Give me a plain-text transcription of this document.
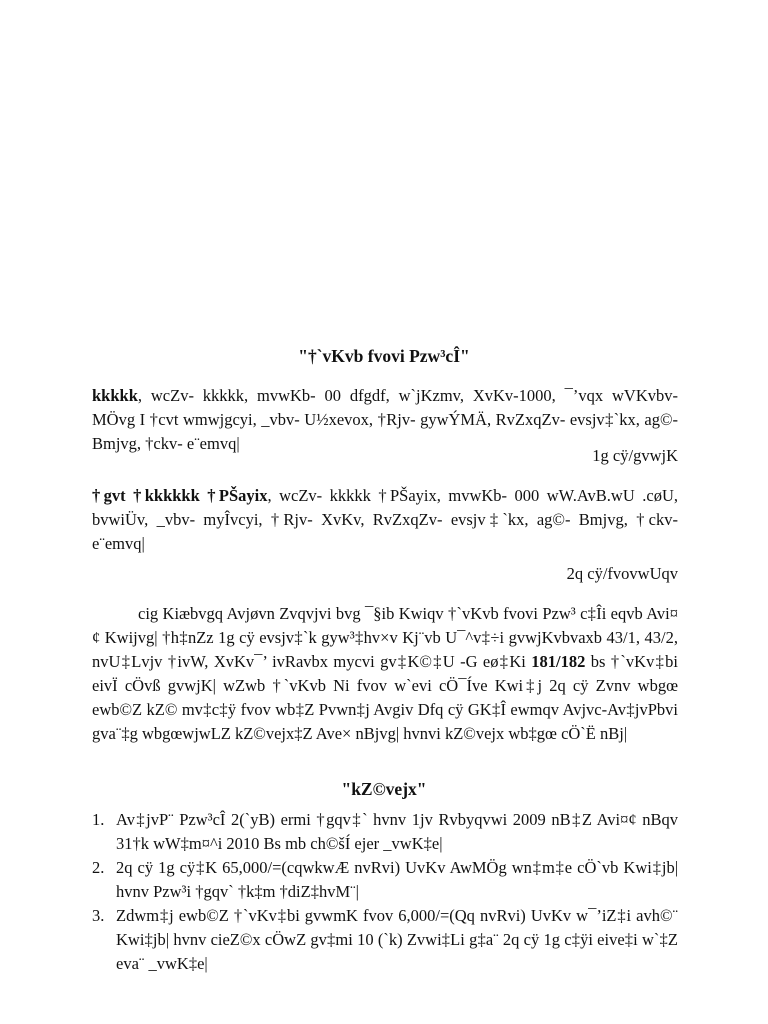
"†`vKvb fvovi Pzw³cÎ"
kkkkk, wcZv- kkkkk, mvwKb- 00 dfgdf, w`jKzmv, XvKv-1000, ¯’vqx wVKvbv- MÖvg I †cvt wmwjgcyi, _vbv- U½xevox, †Rjv- gywÝMÄ, RvZxqZv- evsjv‡`kx, ag©- Bmjvg, †ckv- e¨emvq|
1g cÿ/gvwjK
†gvt †kkkkkk †PŠayix, wcZv- kkkkk †PŠayix, mvwKb- 000 wW.AvB.wU .cøU, bvwiÜv, _vbv- myÎvcyi, †Rjv- XvKv, RvZxqZv- evsjv‡`kx, ag©- Bmjvg, †ckv- e¨emvq|
2q cÿ/fvovwUqv
cig Kiæbvgq Avjøvn Zvqvjvi bvg ¯§ib Kwiqv †`vKvb fvovi Pzw³ c‡Îi eqvb Avi¤¢ Kwijvg| †h‡nZz 1g cÿ evsjv‡`k gyw³‡hv×v Kj¨vb U¯^v‡÷i gvwjKvbvaxb 43/1, 43/2, nvU‡Lvjv †ivW, XvKv¯’ ivRavbx mycvi gv‡K©‡U -G eø‡Ki 181/182 bs †`vKv‡bi eivÏ cÖvß gvwjK| wZwb †`vKvb Ni fvov w`evi cÖ¯Íve Kwi‡j 2q cÿ Zvnv wbgœ ewb©Z kZ© mv‡c‡ÿ fvov wb‡Z Pvwn‡j Avgiv Dfq cÿ GK‡Î ewmqv Avjvc-Av‡jvPbvi gva¨‡g wbgœwjwLZ kZ©vejx‡Z Ave× nBjvg| hvnvi kZ©vejx wb‡gœ cÖ`Ë nBj|
"kZ©vejx"
1. Av‡jvP¨ Pzw³cÎ 2(`yB) ermi †gqv‡` hvnv 1jv Rvbyqvwi 2009 nB‡Z Avi¤¢ nBqv 31†k wW‡m¤^i 2010 Bs mb ch©šÍ ejer _vwK‡e|
2. 2q cÿ 1g cÿ‡K 65,000/=(cqwkwÆ nvRvi) UvKv AwMÖg wn‡m‡e cÖ`vb Kwi‡jb| hvnv Pzw³i †gqv` †k‡m †diZ‡hvM¨|
3. Zdwm‡j ewb©Z †`vKv‡bi gvwmK fvov 6,000/=(Qq nvRvi) UvKv w¯’iZ‡i avh©¨ Kwi‡jb| hvnv cieZ©x cÖwZ gv‡mi 10 (`k) Zvwi‡Li g‡a¨ 2q cÿ 1g c‡ÿi eive‡i w`‡Z eva¨ _vwK‡e|
